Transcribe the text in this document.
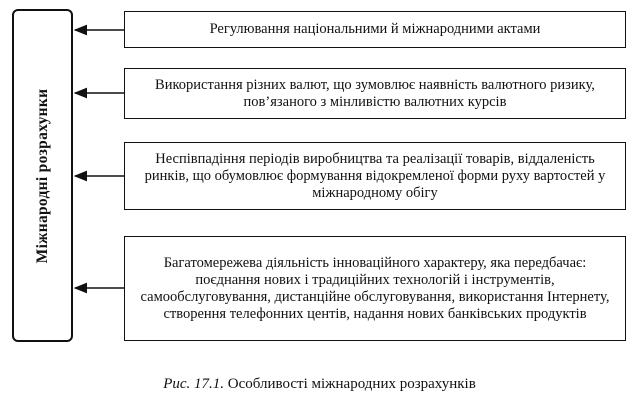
Міжнародні розрахунки
Регулювання національними й міжнародними актами
Використання різних валют, що зумовлює наявність валютного ризику, пов’язаного з мінливістю валютних курсів
Неспівпадіння періодів виробництва та реалізації товарів, віддаленість ринків, що обумовлює формування відокремленої форми руху вартостей у міжнародному обігу
Багатомережева діяльність інноваційного характеру, яка передбачає: поєднання нових і традиційних технологій і інструментів, самообслуговування, дистанційне обслуговування, використання Інтернету, створення телефонних центів, надання нових банківських продуктів
Рис. 17.1. Особливості міжнародних розрахунків
